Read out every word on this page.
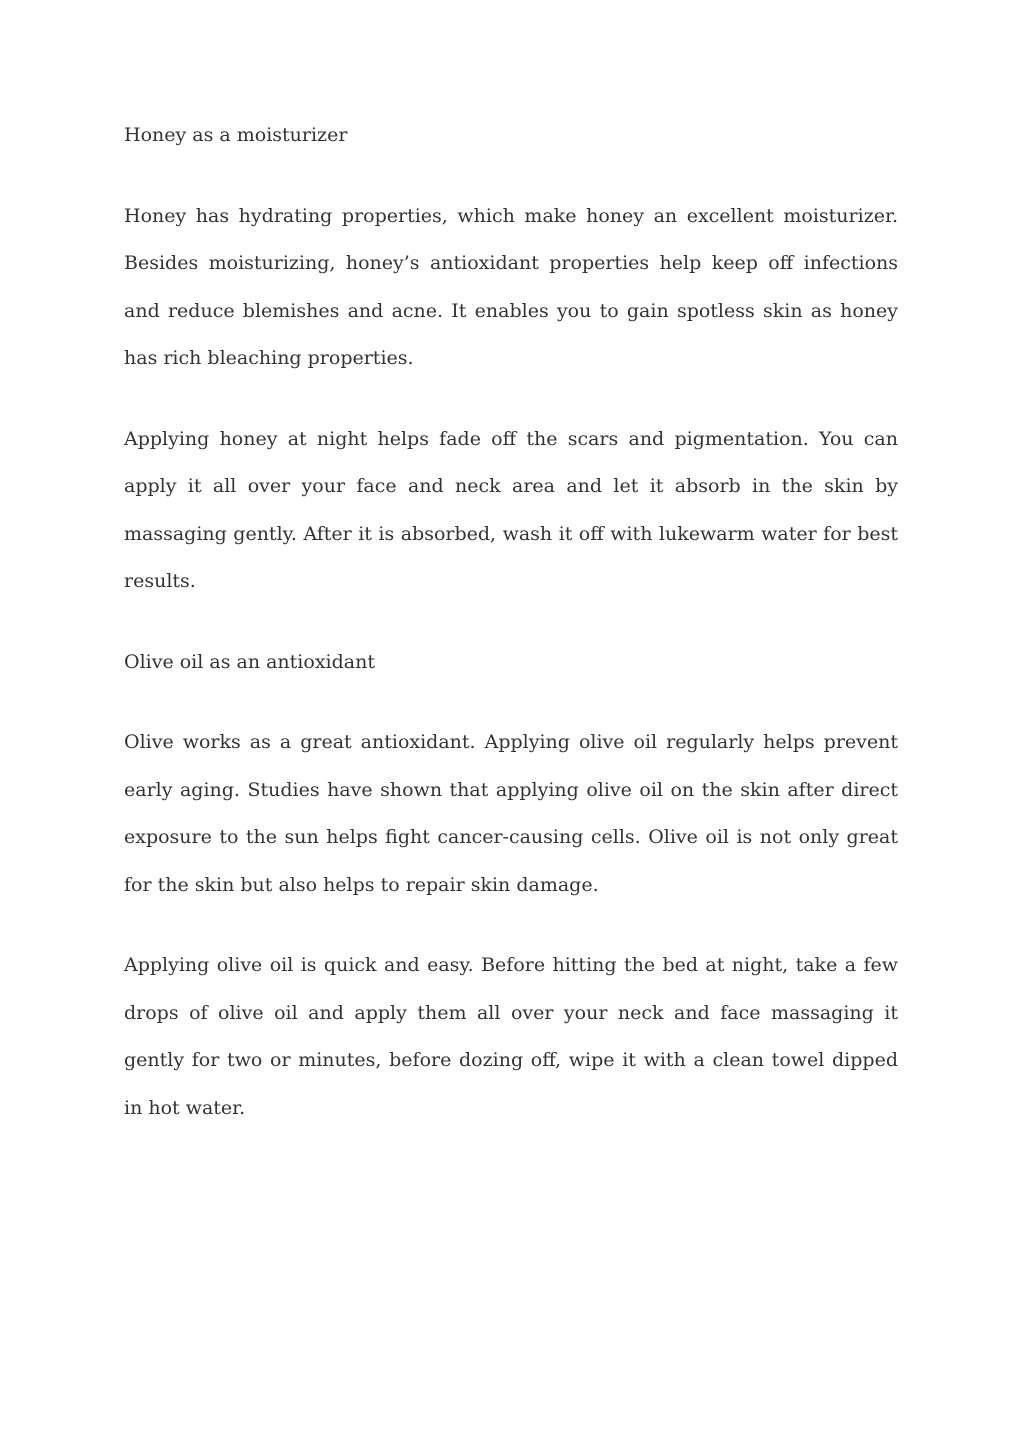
Honey as a moisturizer

Honey has hydrating properties, which make honey an excellent moisturizer. Besides moisturizing, honey’s antioxidant properties help keep off infections and reduce blemishes and acne. It enables you to gain spotless skin as honey has rich bleaching properties.

Applying honey at night helps fade off the scars and pigmentation. You can apply it all over your face and neck area and let it absorb in the skin by massaging gently. After it is absorbed, wash it off with lukewarm water for best results.

Olive oil as an antioxidant

Olive works as a great antioxidant. Applying olive oil regularly helps prevent early aging. Studies have shown that applying olive oil on the skin after direct exposure to the sun helps fight cancer-causing cells. Olive oil is not only great for the skin but also helps to repair skin damage.

Applying olive oil is quick and easy. Before hitting the bed at night, take a few drops of olive oil and apply them all over your neck and face massaging it gently for two or minutes, before dozing off, wipe it with a clean towel dipped in hot water.
